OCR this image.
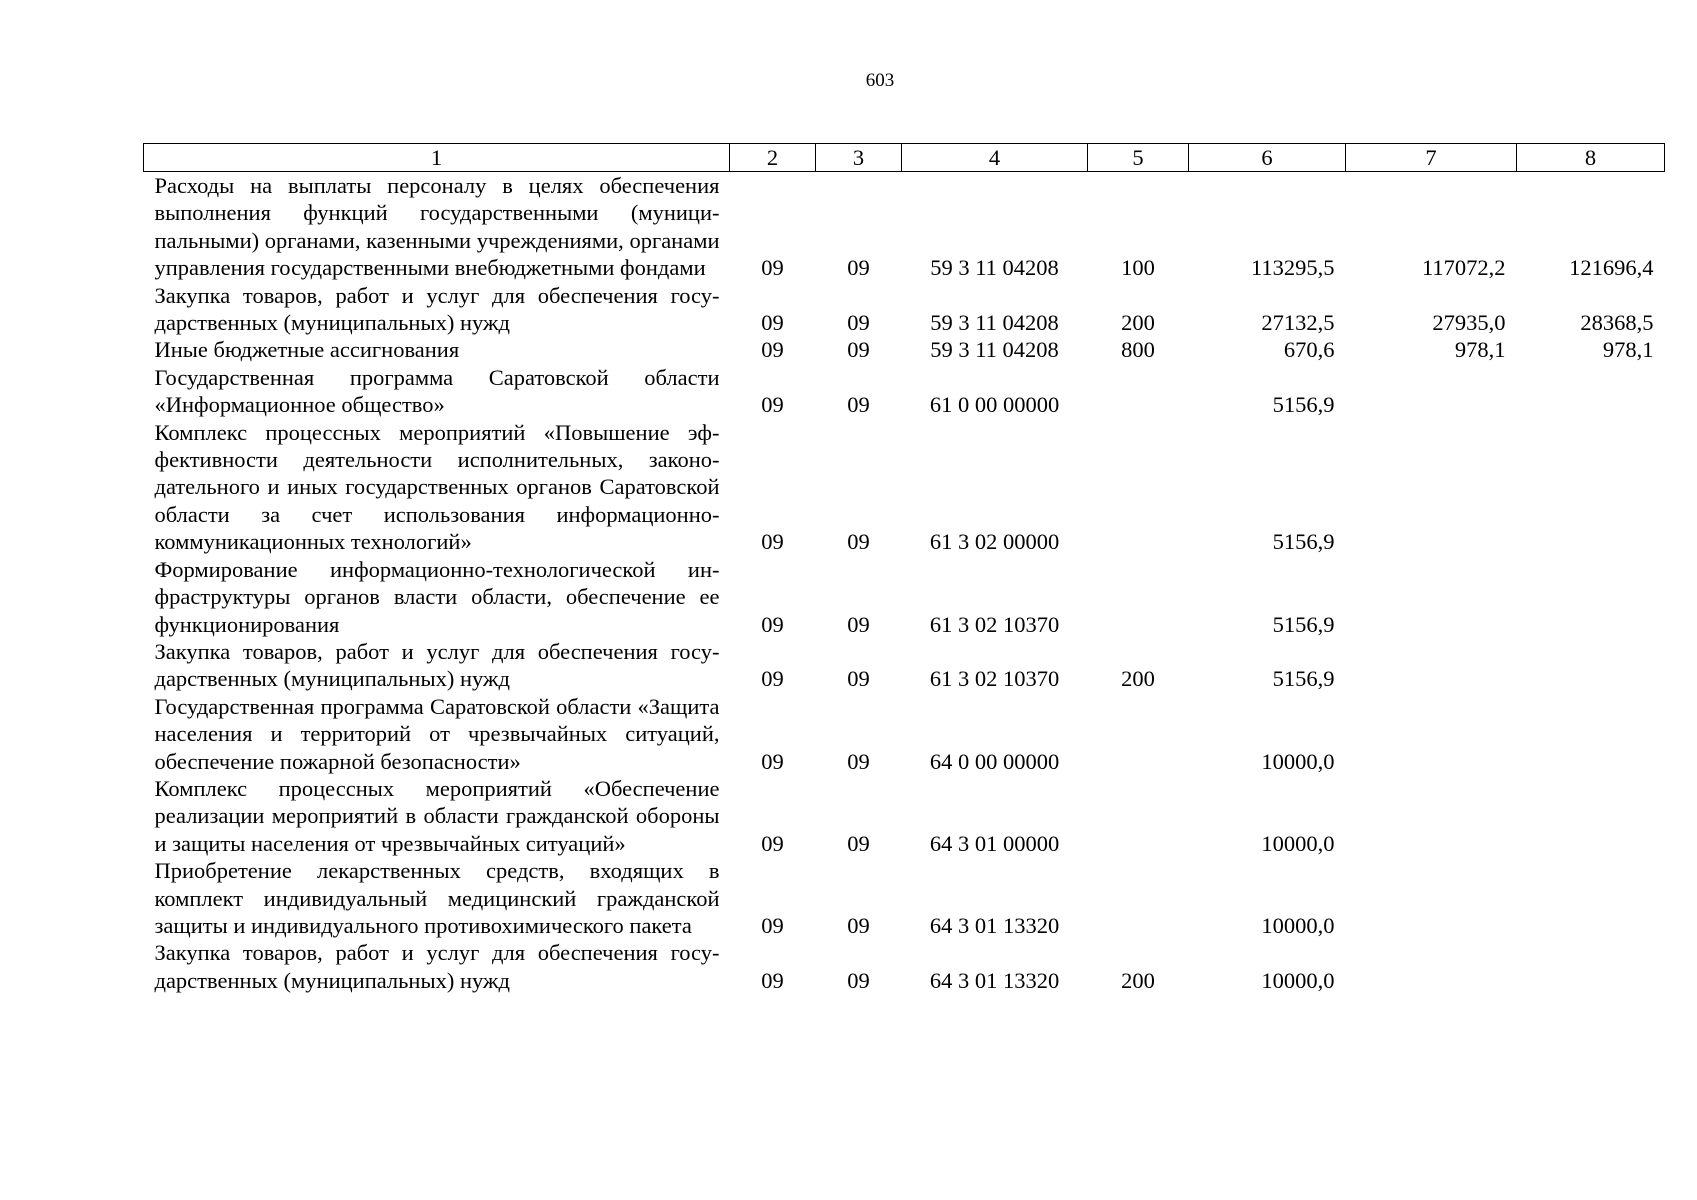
603
1	2	3	4	5	6	7	8
Расходы на выплаты персоналу в целях обеспечения выполнения функций государственными (муниципальными) органами, казенными учреждениями, органами управления государственными внебюджетными фондами	09	09	59 3 11 04208	100	113295,5	117072,2	121696,4
Закупка товаров, работ и услуг для обеспечения государственных (муниципальных) нужд	09	09	59 3 11 04208	200	27132,5	27935,0	28368,5
Иные бюджетные ассигнования	09	09	59 3 11 04208	800	670,6	978,1	978,1
Государственная программа Саратовской области «Информационное общество»	09	09	61 0 00 00000		5156,9		
Комплекс процессных мероприятий «Повышение эффективности деятельности исполнительных, законодательного и иных государственных органов Саратовской области за счет использования информационно-коммуникационных технологий»	09	09	61 3 02 00000		5156,9		
Формирование информационно-технологической инфраструктуры органов власти области, обеспечение ее функционирования	09	09	61 3 02 10370		5156,9		
Закупка товаров, работ и услуг для обеспечения государственных (муниципальных) нужд	09	09	61 3 02 10370	200	5156,9		
Государственная программа Саратовской области «Защита населения и территорий от чрезвычайных ситуаций, обеспечение пожарной безопасности»	09	09	64 0 00 00000		10000,0		
Комплекс процессных мероприятий «Обеспечение реализации мероприятий в области гражданской обороны и защиты населения от чрезвычайных ситуаций»	09	09	64 3 01 00000		10000,0		
Приобретение лекарственных средств, входящих в комплект индивидуальный медицинский гражданской защиты и индивидуального противохимического пакета	09	09	64 3 01 13320		10000,0		
Закупка товаров, работ и услуг для обеспечения государственных (муниципальных) нужд	09	09	64 3 01 13320	200	10000,0		
